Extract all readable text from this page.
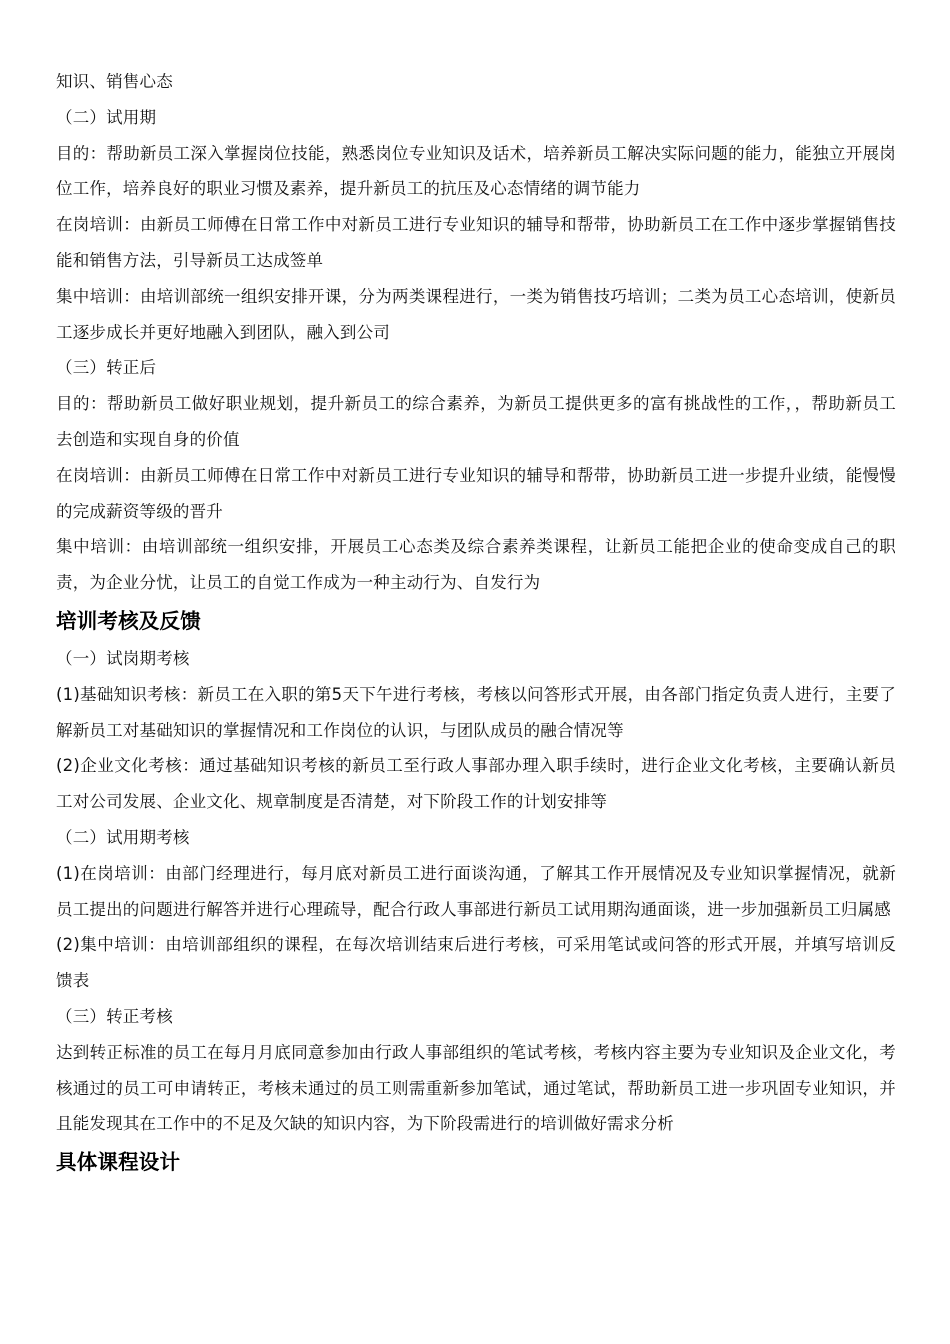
知识、销售心态

（二）试用期

目的：帮助新员工深入掌握岗位技能，熟悉岗位专业知识及话术，培养新员工解决实际问题的能力，能独立开展岗位工作，培养良好的职业习惯及素养，提升新员工的抗压及心态情绪的调节能力

在岗培训：由新员工师傅在日常工作中对新员工进行专业知识的辅导和帮带，协助新员工在工作中逐步掌握销售技能和销售方法，引导新员工达成签单

集中培训：由培训部统一组织安排开课，分为两类课程进行，一类为销售技巧培训；二类为员工心态培训，使新员工逐步成长并更好地融入到团队，融入到公司

（三）转正后

目的：帮助新员工做好职业规划，提升新员工的综合素养，为新员工提供更多的富有挑战性的工作，，帮助新员工去创造和实现自身的价值

在岗培训：由新员工师傅在日常工作中对新员工进行专业知识的辅导和帮带，协助新员工进一步提升业绩，能慢慢的完成薪资等级的晋升

集中培训：由培训部统一组织安排，开展员工心态类及综合素养类课程，让新员工能把企业的使命变成自己的职责，为企业分忧，让员工的自觉工作成为一种主动行为、自发行为

培训考核及反馈

（一）试岗期考核

(1)基础知识考核：新员工在入职的第5天下午进行考核，考核以问答形式开展，由各部门指定负责人进行，主要了解新员工对基础知识的掌握情况和工作岗位的认识，与团队成员的融合情况等

(2)企业文化考核：通过基础知识考核的新员工至行政人事部办理入职手续时，进行企业文化考核，主要确认新员工对公司发展、企业文化、规章制度是否清楚，对下阶段工作的计划安排等

（二）试用期考核

(1)在岗培训：由部门经理进行，每月底对新员工进行面谈沟通，了解其工作开展情况及专业知识掌握情况，就新员工提出的问题进行解答并进行心理疏导，配合行政人事部进行新员工试用期沟通面谈，进一步加强新员工归属感

(2)集中培训：由培训部组织的课程，在每次培训结束后进行考核，可采用笔试或问答的形式开展，并填写培训反馈表

（三）转正考核

达到转正标准的员工在每月月底同意参加由行政人事部组织的笔试考核，考核内容主要为专业知识及企业文化，考核通过的员工可申请转正，考核未通过的员工则需重新参加笔试，通过笔试，帮助新员工进一步巩固专业知识，并且能发现其在工作中的不足及欠缺的知识内容，为下阶段需进行的培训做好需求分析

具体课程设计
